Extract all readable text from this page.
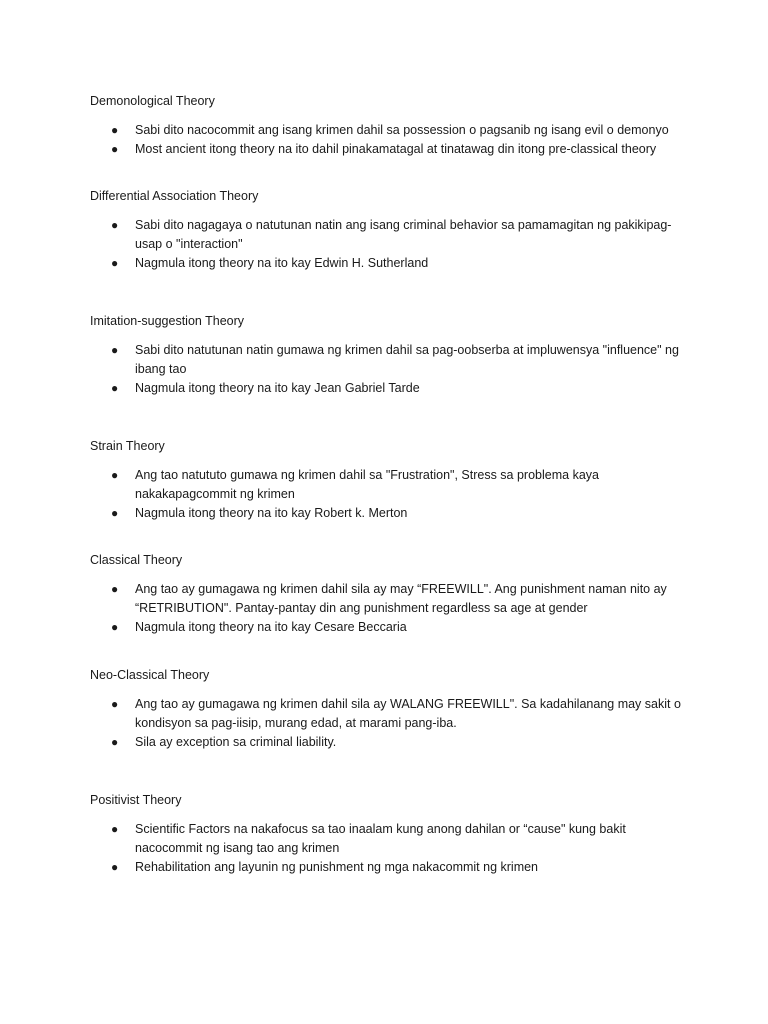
Demonological Theory
● Sabi dito nacocommit ang isang krimen dahil sa possession o pagsanib ng isang evil o demonyo
● Most ancient itong theory na ito dahil pinakamatagal at tinatawag din itong pre-classical theory
Differential Association Theory
● Sabi dito nagagaya o natutunan natin ang isang criminal behavior sa pamamagitan ng pakikipag-usap o "interaction"
● Nagmula itong theory na ito kay Edwin H. Sutherland
Imitation-suggestion Theory
● Sabi dito natutunan natin gumawa ng krimen dahil sa pag-oobserba at impluwensya "influence" ng ibang tao
● Nagmula itong theory na ito kay Jean Gabriel Tarde
Strain Theory
● Ang tao natututo gumawa ng krimen dahil sa "Frustration", Stress sa problema kaya nakakapagcommit ng krimen
● Nagmula itong theory na ito kay Robert k. Merton
Classical Theory
● Ang tao ay gumagawa ng krimen dahil sila ay may “FREEWILL". Ang punishment naman nito ay “RETRIBUTION". Pantay-pantay din ang punishment regardless sa age at gender
● Nagmula itong theory na ito kay Cesare Beccaria
Neo-Classical Theory
● Ang tao ay gumagawa ng krimen dahil sila ay WALANG FREEWILL". Sa kadahilanang may sakit o kondisyon sa pag-iisip, murang edad, at marami pang-iba.
● Sila ay exception sa criminal liability.
Positivist Theory
● Scientific Factors na nakafocus sa tao inaalam kung anong dahilan or “cause" kung bakit nacocommit ng isang tao ang krimen
● Rehabilitation ang layunin ng punishment ng mga nakacommit ng krimen
